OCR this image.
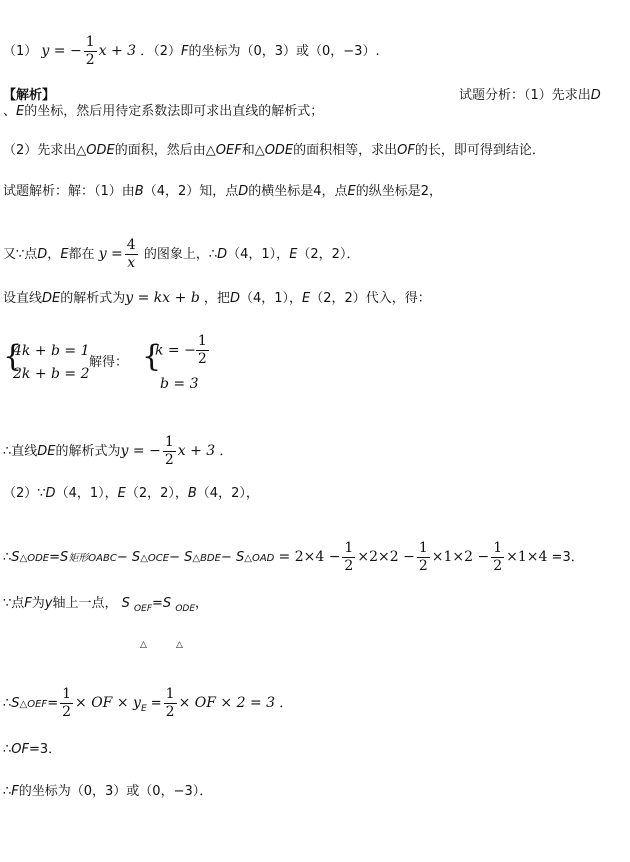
（1） y = − $\frac{1}{2}$ x + 3 ．（2）F的坐标为（0，3）或（0，−3）.
【解析】	试题分析：（1）先求出D
、E的坐标，然后用待定系数法即可求出直线的解析式；
（2）先求出△ODE的面积，然后由△OEF和△ODE的面积相等，求出OF的长，即可得到结论．
试题解析：解：（1）由B（4，2）知，点D的横坐标是4，点E的纵坐标是2，
又∵点D，E都在 $y = \frac{4}{x}$ 的图象上，∴D（4，1），E（2，2）．
设直线DE的解析式为y = kx + b ，把D（4，1），E（2，2）代入，得：
{
4k + b = 1
2k + b = 2
解得： {
k = − $\frac{1}{2}$
b = 3
∴直线DE的解析式为y = − $\frac{1}{2}$ x + 3 ．
（2）∵D（4，1），E（2，2），B（4，2），
∴S△ODE=S矩形OABC− S△OCE− S△BDE− S△OAD = $2\times 4 - \frac{1}{2} \times 2\times 2 - \frac{1}{2} \times 1\times 2 - \frac{1}{2} \times 1\times 4 =3$．
∵点F为y轴上一点， S $_{OEF}$=S $_{ODE}$，
△	△
∴S△OEF= $\frac{1}{2}$ × OF × $y_E = \frac{1}{2}$ × OF × 2 = 3 ．
∴OF=3．
∴F的坐标为（0，3）或（0，−3）．
